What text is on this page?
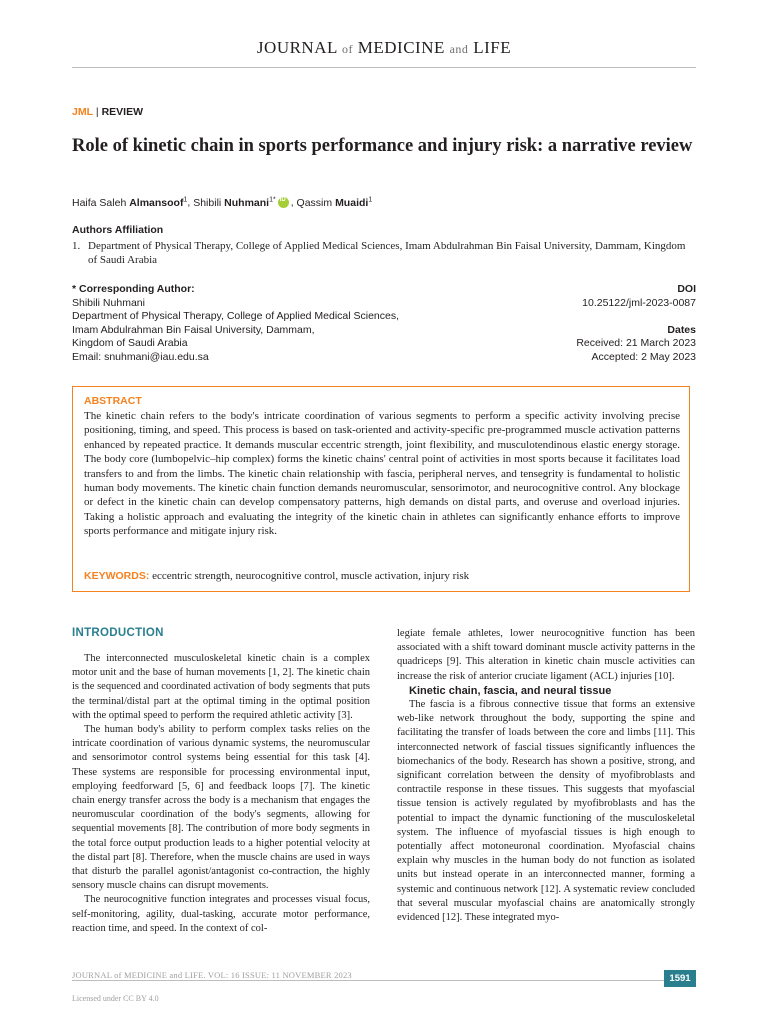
JOURNAL of MEDICINE and LIFE
JML | REVIEW
Role of kinetic chain in sports performance and injury risk: a narrative review
Haifa Saleh Almansoof$^1$, Shibili Nuhmani$^{1*}$iD , Qassim Muaidi$^1$
Authors Affiliation
1. Department of Physical Therapy, College of Applied Medical Sciences, Imam Abdulrahman Bin Faisal University, Dammam, Kingdom of Saudi Arabia
* Corresponding Author:
Shibili Nuhmani
Department of Physical Therapy, College of Applied Medical Sciences,
Imam Abdulrahman Bin Faisal University, Dammam,
Kingdom of Saudi Arabia
Email: snuhmani@iau.edu.sa
DOI
10.25122/jml-2023-0087

Dates
Received: 21 March 2023
Accepted: 2 May 2023
ABSTRACT
The kinetic chain refers to the body's intricate coordination of various segments to perform a specific activity involving precise positioning, timing, and speed. This process is based on task-oriented and activity-specific pre-programmed muscle activation patterns enhanced by repeated practice. It demands muscular eccentric strength, joint flexibility, and musculotendinous elastic energy storage. The body core (lumbopelvic–hip complex) forms the kinetic chains' central point of activities in most sports because it facilitates load transfers to and from the limbs. The kinetic chain relationship with fascia, peripheral nerves, and tensegrity is fundamental to holistic human body movements. The kinetic chain function demands neuromuscular, sensorimotor, and neurocognitive control. Any blockage or defect in the kinetic chain can develop compensatory patterns, high demands on distal parts, and overuse and overload injuries. Taking a holistic approach and evaluating the integrity of the kinetic chain in athletes can significantly enhance efforts to improve sports performance and mitigate injury risk.
KEYWORDS: eccentric strength, neurocognitive control, muscle activation, injury risk
INTRODUCTION

The interconnected musculoskeletal kinetic chain is a complex motor unit and the base of human movements [1, 2]. The kinetic chain is the sequenced and coordinated activation of body segments that puts the terminal/distal part at the optimal timing in the optimal position with the optimal speed to perform the required athletic activity [3].

The human body's ability to perform complex tasks relies on the intricate coordination of various dynamic systems, the neuromuscular and sensorimotor control systems being essential for this task [4]. These systems are responsible for processing environmental input, employing feedforward [5, 6] and feedback loops [7]. The kinetic chain energy transfer across the body is a mechanism that engages the neuromuscular coordination of the body's segments, allowing for sequential movements [8]. The contribution of more body segments in the total force output production leads to a higher potential velocity at the distal part [8]. Therefore, when the muscle chains are used in ways that disturb the parallel agonist/antagonist co-contraction, the highly sensory muscle chains can disrupt movements.

The neurocognitive function integrates and processes visual focus, self-monitoring, agility, dual-tasking, accurate motor performance, reaction time, and speed. In the context of col-

legiate female athletes, lower neurocognitive function has been associated with a shift toward dominant muscle activity patterns in the quadriceps [9]. This alteration in kinetic chain muscle activities can increase the risk of anterior cruciate ligament (ACL) injuries [10].

Kinetic chain, fascia, and neural tissue

The fascia is a fibrous connective tissue that forms an extensive web-like network throughout the body, supporting the spine and facilitating the transfer of loads between the core and limbs [11]. This interconnected network of fascial tissues significantly influences the biomechanics of the body. Research has shown a positive, strong, and significant correlation between the density of myofibroblasts and contractile response in these tissues. This suggests that myofascial tissue tension is actively regulated by myofibroblasts and has the potential to impact the dynamic functioning of the musculoskeletal system. The influence of myofascial tissues is high enough to potentially affect motoneuronal coordination. Myofascial chains explain why muscles in the human body do not function as isolated units but instead operate in an interconnected manner, forming a systemic and continuous network [12]. A systematic review concluded that several muscular myofascial chains are anatomically strongly evidenced [12]. These integrated myo-

JOURNAL of MEDICINE and LIFE. VOL: 16 ISSUE: 11 NOVEMBER 2023	1591
Licensed under CC BY 4.0
